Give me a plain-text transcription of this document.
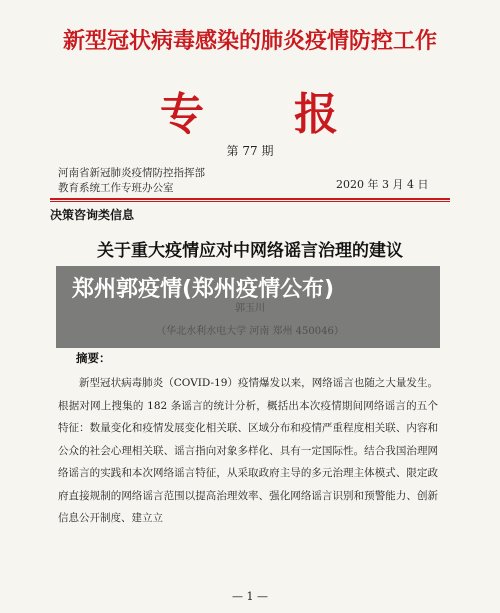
新型冠状病毒感染的肺炎疫情防控工作
专 报
第 77 期
河南省新冠肺炎疫情防控指挥部
教育系统工作专班办公室	2020 年 3 月 4 日
决策咨询类信息
关于重大疫情应对中网络谣言治理的建议
摘要：

新型冠状病毒肺炎（COVID-19）疫情爆发以来，网络谣言也随之大量发生。根据对网上搜集的 182 条谣言的统计分析，概括出本次疫情期间网络谣言的五个特征：数量变化和疫情发展变化相关联、区域分布和疫情严重程度相关联、内容和公众的社会心理相关联、谣言指向对象多样化、具有一定国际性。结合我国治理网络谣言的实践和本次网络谣言特征，从采取政府主导的多元治理主体模式、限定政府直接规制的网络谣言范围以提高治理效率、强化网络谣言识别和预警能力、创新信息公开制度、建立立

— 1 —
郑州郭疫情(郑州疫情公布)
